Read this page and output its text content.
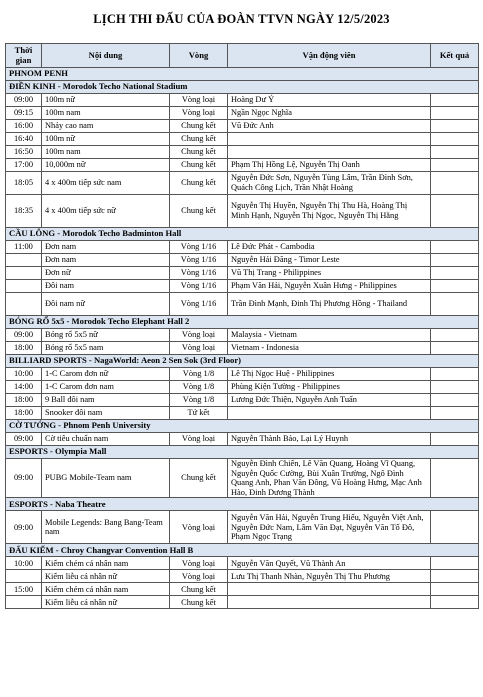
LỊCH THI ĐẤU CỦA ĐOÀN TTVN NGÀY 12/5/2023
Thời gian	Nội dung	Vòng	Vận động viên	Kết quả
PHNOM PENH				
ĐIỀN KINH - Morodok Techo National Stadium				
09:00	100m nữ	Vòng loại	Hoàng Dư Ý	
09:15	100m nam	Vòng loại	Ngần Ngọc Nghĩa	
16:00	Nhảy cao nam	Chung kết	Vũ Đức Anh	
16:40	100m nữ	Chung kết		
16:50	100m nam	Chung kết		
17:00	10,000m nữ	Chung kết	Phạm Thị Hồng Lệ, Nguyễn Thị Oanh	
18:05	4 x 400m tiếp sức nam	Chung kết	Nguyễn Đức Sơn, Nguyễn Tùng Lâm, Trần Đình Sơn, Quách Công Lịch, Trần Nhật Hoàng	
18:35	4 x 400m tiếp sức nữ	Chung kết	Nguyễn Thị Huyền, Nguyễn Thị Thu Hà, Hoàng Thị Minh Hạnh, Nguyễn Thị Ngọc, Nguyễn Thị Hằng	
CẦU LÔNG - Morodok Techo Badminton Hall				
11:00	Đơn nam	Vòng 1/16	Lê Đức Phát - Cambodia	
	Đơn nam	Vòng 1/16	Nguyễn Hải Đăng - Timor Leste	
	Đơn nữ	Vòng 1/16	Vũ Thị Trang - Philippines	
	Đôi nam	Vòng 1/16	Phạm Văn Hải, Nguyễn Xuân Hưng - Philippines	
	Đôi nam nữ	Vòng 1/16	Trần Đình Mạnh, Đinh Thị Phương Hồng - Thailand	
BÓNG RỔ 5x5 - Morodok Techo Elephant Hall 2				
09:00	Bóng rổ 5x5 nữ	Vòng loại	Malaysia - Vietnam	
18:00	Bóng rổ 5x5 nam	Vòng loại	Vietnam - Indonesia	
BILLIARD SPORTS - NagaWorld: Aeon 2 Sen Sok (3rd Floor)				
10:00	1-C Carom đơn nữ	Vòng 1/8	Lê Thị Ngọc Huệ - Philippines	
14:00	1-C Carom đơn nam	Vòng 1/8	Phùng Kiện Tường - Philippines	
18:00	9 Ball đôi nam	Vòng 1/8	Lương Đức Thiện, Nguyễn Anh Tuấn	
18:00	Snooker đôi nam	Tứ kết		
CỜ TƯỚNG - Phnom Penh University				
09:00	Cờ tiêu chuẩn nam	Vòng loại	Nguyễn Thành Bảo, Lại Lý Huynh	
ESPORTS - Olympia Mall				
09:00	PUBG Mobile-Team nam	Chung kết	Nguyễn Đình Chiến, Lê Văn Quang, Hoàng Vĩ Quang, Nguyễn Quốc Cường, Bùi Xuân Trường, Ngô Đình Quang Anh, Phan Văn Đông, Vũ Hoàng Hưng, Mạc Anh Hào, Đinh Dương Thành	
ESPORTS - Naba Theatre				
09:00	Mobile Legends: Bang Bang-Team nam	Vòng loại	Nguyễn Văn Hải, Nguyễn Trung Hiếu, Nguyễn Việt Anh, Nguyễn Đức Nam, Lâm Văn Đạt, Nguyễn Văn Tố Đô, Phạm Ngọc Trạng	
ĐẤU KIẾM - Chroy Changvar Convention Hall B				
10:00	Kiếm chém cá nhân nam	Vòng loại	Nguyễn Văn Quyết, Vũ Thành An	
	Kiếm liễu cá nhân nữ	Vòng loại	Lưu Thị Thanh Nhàn, Nguyễn Thị Thu Phương	
15:00	Kiếm chém cá nhân nam	Chung kết		
	Kiếm liễu cá nhân nữ	Chung kết		
